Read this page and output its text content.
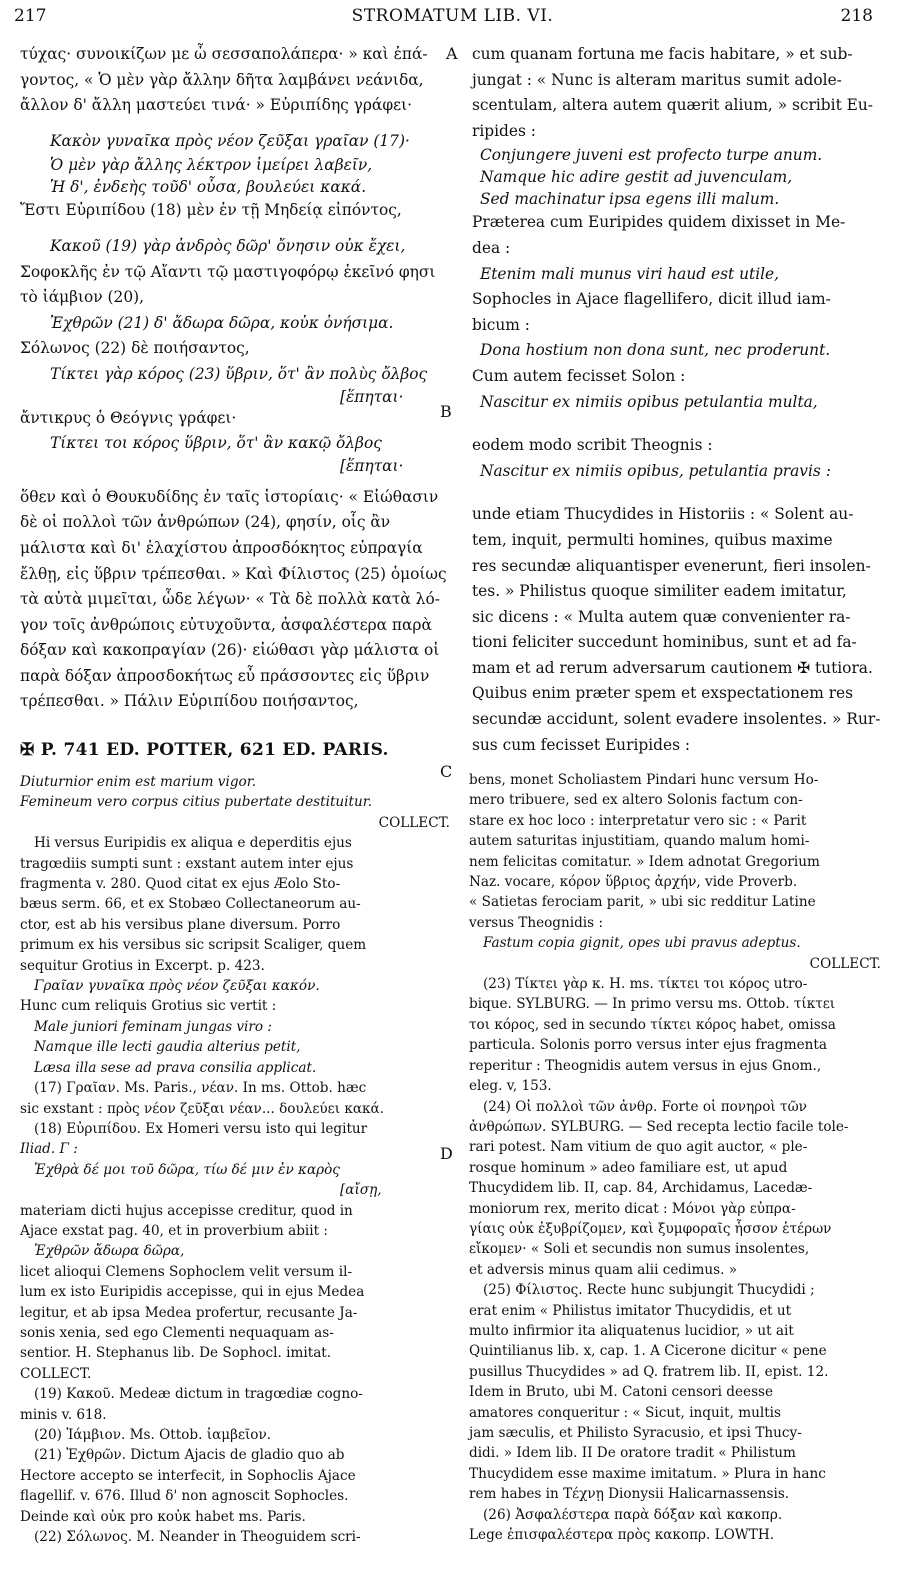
217	STROMATUM LIB. VI.	218
A
B
C
D
τύχας· συνοικίζων με ὦ σεσσαπολάπερα· » καὶ ἐπά-
γοντος, « Ὁ μὲν γὰρ ἄλλην δῆτα λαμβάνει νεάνιδα,
ἄλλον δ' ἄλλη μαστεύει τινά· » Εὐριπίδης γράφει·
Κακὸν γυναῖκα πρὸς νέον ζεῦξαι γραῖαν (17)·
Ὁ μὲν γὰρ ἄλλης λέκτρον ἱμείρει λαβεῖν,
Ἡ δ', ἐνδεὴς τοῦδ' οὖσα, βουλεύει κακά.
Ἔστι Εὐριπίδου (18) μὲν ἐν τῇ Μηδείᾳ εἰπόντος,
Κακοῦ (19) γὰρ ἀνδρὸς δῶρ' ὄνησιν οὐκ ἔχει,
Σοφοκλῆς ἐν τῷ Αἴαντι τῷ μαστιγοφόρῳ ἐκεῖνό φησι
τὸ ἰάμβιον (20),
Ἐχθρῶν (21) δ' ἄδωρα δῶρα, κοὐκ ὀνήσιμα.
Σόλωνος (22) δὲ ποιήσαντος,
Τίκτει γὰρ κόρος (23) ὕβριν, ὅτ' ἂν πολὺς ὄλβος
[ἕπηται·
ἄντικρυς ὁ Θεόγνις γράφει·
Τίκτει τοι κόρος ὕβριν, ὅτ' ἂν κακῷ ὄλβος
[ἕπηται·
ὅθεν καὶ ὁ Θουκυδίδης ἐν ταῖς ἱστορίαις· « Εἰώθασιν
δὲ οἱ πολλοὶ τῶν ἀνθρώπων (24), φησίν, οἷς ἂν
μάλιστα καὶ δι' ἐλαχίστου ἀπροσδόκητος εὐπραγία
ἔλθῃ, εἰς ὕβριν τρέπεσθαι. » Καὶ Φίλιστος (25) ὁμοίως
τὰ αὐτὰ μιμεῖται, ὧδε λέγων· « Τὰ δὲ πολλὰ κατὰ λό-
γον τοῖς ἀνθρώποις εὐτυχοῦντα, ἀσφαλέστερα παρὰ
δόξαν καὶ κακοπραγίαν (26)· εἰώθασι γὰρ μάλιστα οἱ
παρὰ δόξαν ἀπροσδοκήτως εὖ πράσσοντες εἰς ὕβριν
τρέπεσθαι. » Πάλιν Εὐριπίδου ποιήσαντος,
cum quanam fortuna me facis habitare, » et sub-
jungat : « Nunc is alteram maritus sumit adole-
scentulam, altera autem quærit alium, » scribit Eu-
ripides :
Conjungere juveni est profecto turpe anum.
Namque hic adire gestit ad juvenculam,
Sed machinatur ipsa egens illi malum.
Præterea cum Euripides quidem dixisset in Me-
dea :
Etenim mali munus viri haud est utile,
Sophocles in Ajace flagellifero, dicit illud iam-
bicum :
Dona hostium non dona sunt, nec proderunt.
Cum autem fecisset Solon :
Nascitur ex nimiis opibus petulantia multa,
eodem modo scribit Theognis :
Nascitur ex nimiis opibus, petulantia pravis :
unde etiam Thucydides in Historiis : « Solent au-
tem, inquit, permulti homines, quibus maxime
res secundæ aliquantisper evenerunt, fieri insolen-
tes. » Philistus quoque similiter eadem imitatur,
sic dicens : « Multa autem quæ convenienter ra-
tioni feliciter succedunt hominibus, sunt et ad fa-
mam et ad rerum adversarum cautionem ✠ tutiora.
Quibus enim præter spem et exspectationem res
secundæ accidunt, solent evadere insolentes. » Rur-
sus cum fecisset Euripides :
✠ P. 741 ED. POTTER, 621 ED. PARIS.
Diuturnior enim est marium vigor.
Femineum vero corpus citius pubertate destituitur.
COLLECT.
Hi versus Euripidis ex aliqua e deperditis ejus
tragœdiis sumpti sunt : exstant autem inter ejus
fragmenta v. 280. Quod citat ex ejus Æolo Sto-
bæus serm. 66, et ex Stobæo Collectaneorum au-
ctor, est ab his versibus plane diversum. Porro
primum ex his versibus sic scripsit Scaliger, quem
sequitur Grotius in Excerpt. p. 423.
Γραῖαν γυναῖκα πρὸς νέον ζεῦξαι κακόν.
Hunc cum reliquis Grotius sic vertit :
Male juniori feminam jungas viro :
Namque ille lecti gaudia alterius petit,
Læsa illa sese ad prava consilia applicat.
(17) Γραῖαν. Ms. Paris., νέαν. In ms. Ottob. hæc
sic exstant : πρὸς νέον ζεῦξαι νέαν... δουλεύει κακά.
(18) Εὐριπίδου. Ex Homeri versu isto qui legitur
Iliad. Γ :
Ἐχθρὰ δέ μοι τοῦ δῶρα, τίω δέ μιν ἐν καρὸς
[αἴσῃ,
materiam dicti hujus accepisse creditur, quod in
Ajace exstat pag. 40, et in proverbium abiit :
Ἐχθρῶν ἄδωρα δῶρα,
licet alioqui Clemens Sophoclem velit versum il-
lum ex isto Euripidis accepisse, qui in ejus Medea
legitur, et ab ipsa Medea profertur, recusante Ja-
sonis xenia, sed ego Clementi nequaquam as-
sentior. H. Stephanus lib. De Sophocl. imitat.
COLLECT.
(19) Κακοῦ. Medeæ dictum in tragœdiæ cogno-
minis v. 618.
(20) Ἰάμβιον. Ms. Ottob. ἰαμβεῖον.
(21) Ἐχθρῶν. Dictum Ajacis de gladio quo ab
Hectore accepto se interfecit, in Sophoclis Ajace
flagellif. v. 676. Illud δ' non agnoscit Sophocles.
Deinde καὶ οὐκ pro κοὐκ habet ms. Paris.
(22) Σόλωνος. M. Neander in Theoguidem scri-
bens, monet Scholiastem Pindari hunc versum Ho-
mero tribuere, sed ex altero Solonis factum con-
stare ex hoc loco : interpretatur vero sic : « Parit
autem saturitas injustitiam, quando malum homi-
nem felicitas comitatur. » Idem adnotat Gregorium
Naz. vocare, κόρον ὕβριος ἀρχήν, vide Proverb.
« Satietas ferociam parit, » ubi sic redditur Latine
versus Theognidis :
Fastum copia gignit, opes ubi pravus adeptus.
COLLECT.
(23) Τίκτει γὰρ κ. H. ms. τίκτει τοι κόρος utro-
bique. SYLBURG. — In primo versu ms. Ottob. τίκτει
τοι κόρος, sed in secundo τίκτει κόρος habet, omissa
particula. Solonis porro versus inter ejus fragmenta
reperitur : Theognidis autem versus in ejus Gnom.,
eleg. v, 153.
(24) Οἱ πολλοὶ τῶν ἀνθρ. Forte οἱ πονηροὶ τῶν
ἀνθρώπων. SYLBURG. — Sed recepta lectio facile tole-
rari potest. Nam vitium de quo agit auctor, « ple-
rosque hominum » adeo familiare est, ut apud
Thucydidem lib. II, cap. 84, Archidamus, Lacedæ-
moniorum rex, merito dicat : Μόνοι γὰρ εὐπρα-
γίαις οὐκ ἐξυβρίζομεν, καὶ ξυμφοραῖς ἧσσον ἑτέρων
εἴκομεν· « Soli et secundis non sumus insolentes,
et adversis minus quam alii cedimus. »
(25) Φίλιστος. Recte hunc subjungit Thucydidi ;
erat enim « Philistus imitator Thucydidis, et ut
multo infirmior ita aliquatenus lucidior, » ut ait
Quintilianus lib. x, cap. 1. A Cicerone dicitur « pene
pusillus Thucydides » ad Q. fratrem lib. II, epist. 12.
Idem in Bruto, ubi M. Catoni censori deesse
amatores conqueritur : « Sicut, inquit, multis
jam sæculis, et Philisto Syracusio, et ipsi Thucy-
didi. » Idem lib. II De oratore tradit « Philistum
Thucydidem esse maxime imitatum. » Plura in hanc
rem habes in Τέχνῃ Dionysii Halicarnassensis.
(26) Ἀσφαλέστερα παρὰ δόξαν καὶ κακοπρ.
Lege ἐπισφαλέστερα πρὸς κακοπρ. LOWTH.
